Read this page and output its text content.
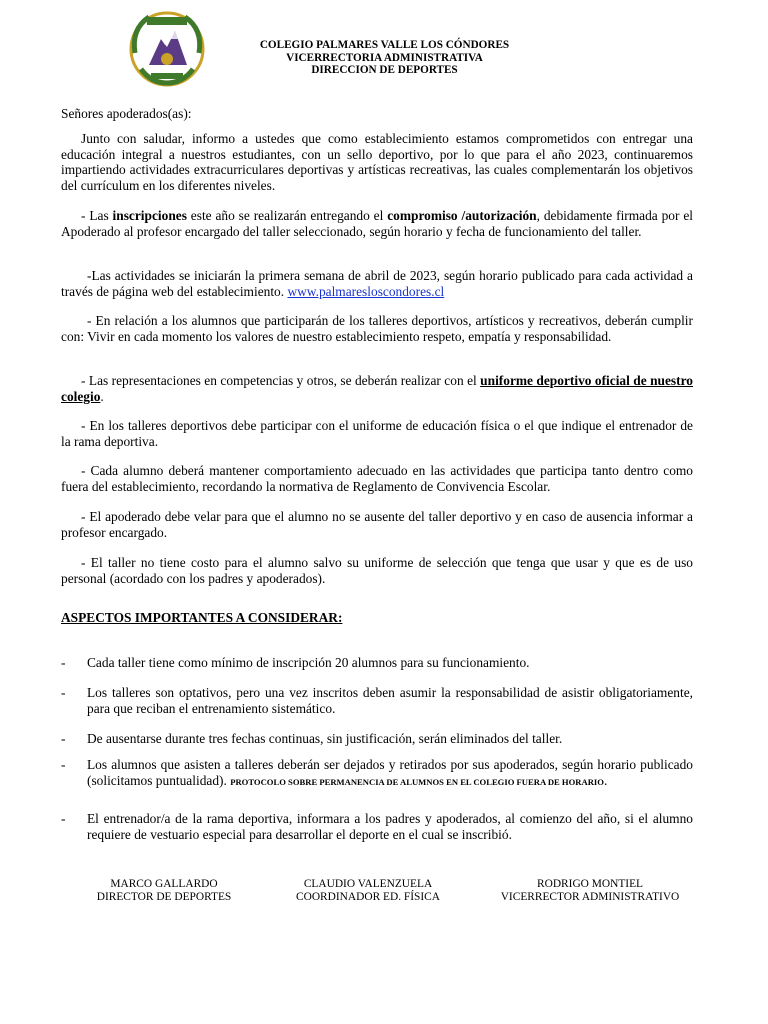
COLEGIO PALMARES VALLE LOS CÓNDORES
VICERRECTORIA ADMINISTRATIVA
DIRECCION DE DEPORTES

Señores apoderados(as):

Junto con saludar, informo a ustedes que como establecimiento estamos comprometidos con entregar una educación integral a nuestros estudiantes, con un sello deportivo, por lo que para el año 2023, continuaremos impartiendo actividades extracurriculares deportivas y artísticas recreativas, las cuales complementarán los objetivos del currículum en los diferentes niveles.

- Las inscripciones este año se realizarán entregando el compromiso /autorización, debidamente firmada por el Apoderado al profesor encargado del taller seleccionado, según horario y fecha de funcionamiento del taller.

-Las actividades se iniciarán la primera semana de abril de 2023, según horario publicado para cada actividad a través de página web del establecimiento. www.palmaresloscondores.cl

- En relación a los alumnos que participarán de los talleres deportivos, artísticos y recreativos, deberán cumplir con: Vivir en cada momento los valores de nuestro establecimiento respeto, empatía y responsabilidad.

- Las representaciones en competencias y otros, se deberán realizar con el uniforme deportivo oficial de nuestro colegio.

- En los talleres deportivos debe participar con el uniforme de educación física o el que indique el entrenador de la rama deportiva.

- Cada alumno deberá mantener comportamiento adecuado en las actividades que participa tanto dentro como fuera del establecimiento, recordando la normativa de Reglamento de Convivencia Escolar.

- El apoderado debe velar para que el alumno no se ausente del taller deportivo y en caso de ausencia informar a profesor encargado.

- El taller no tiene costo para el alumno salvo su uniforme de selección que tenga que usar y que es de uso personal (acordado con los padres y apoderados).

ASPECTOS IMPORTANTES A CONSIDERAR:
-	Cada taller tiene como mínimo de inscripción 20 alumnos para su funcionamiento.
-	Los talleres son optativos, pero una vez inscritos deben asumir la responsabilidad de asistir obligatoriamente, para que reciban el entrenamiento sistemático.
-	De ausentarse durante tres fechas continuas, sin justificación, serán eliminados del taller.
-	Los alumnos que asisten a talleres deberán ser dejados y retirados por sus apoderados, según horario publicado (solicitamos puntualidad). PROTOCOLO SOBRE PERMANENCIA DE ALUMNOS EN EL COLEGIO FUERA DE HORARIO.
-	El entrenador/a de la rama deportiva, informara a los padres y apoderados, al comienzo del año, si el alumno requiere de vestuario especial para desarrollar el deporte en el cual se inscribió.
MARCO GALLARDO
DIRECTOR DE DEPORTES
CLAUDIO VALENZUELA
COORDINADOR ED. FÍSICA
RODRIGO MONTIEL
VICERRECTOR ADMINISTRATIVO
